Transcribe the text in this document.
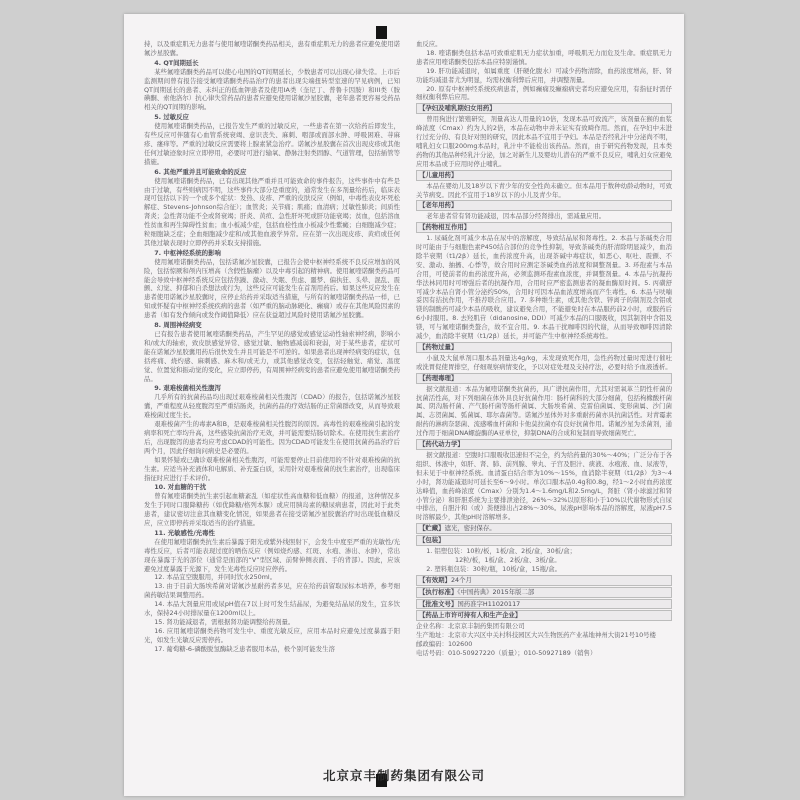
持，以及重症肌无力患者与使用氟喹诺酮类药品相关，患有重症肌无力的患者应避免使用诺氟沙星胶囊。

4. QT间期延长

某些氟喹诺酮类药品可以使心电图的QT间期延长，少数患者可以出现心律失常。上市后监测期间曾有报告接受氟喹诺酮类药品治疗的患者出现尖端扭转型室速的罕见病例，已知QT间期延长的患者、未纠正的低血钾患者及使用IA类（奎尼丁、普鲁卡因胺）和III类（胺碘酮、索他洛尔）抗心律失常药品的患者应避免使用诺氟沙星胶囊，老年患者更容易受药品相关的QT间期的影响。

5. 过敏反应

使用氟喹诺酮类药品，已报告发生严重的过敏反应，一些患者在第一次给药后即发生，有些反应可伴随有心血管系统衰竭、意识丧失、麻刺、咽部或面部水肿、呼吸困难、荨麻疹、瘙痒等。严重的过敏反应需要将上腺素紧急治疗。诺氟沙星胶囊在首次出现皮疹或其他任何过敏迹象时应立即停用，必要时可进行输氧、静脉注射类固醇、气道管理，包括插管等措施。

6. 其他严重并且可能致命的反应

使用氟喹诺酮类药品，已有出现其他严重并且可能致命的事件报告，这些事件中有些是由于过敏，有些则病因不明，这些事件大部分是重度的，通常发生在多剂量给药后，临床表现可包括以下的一个或多个症状：发热、皮疹、严重的皮肤反应（例如，中毒性表皮坏死松解症、Stevens-Johnson综合征）；血管炎；关节痛；肌痛；血清病；过敏性肺炎；间质性肾炎；急性肾功能不全或肾衰竭；肝炎、黄疸、急性肝坏死或肝功能衰竭；贫血，包括溶血性贫血和再生障碍性贫血；血小板减少症，包括血栓性血小板减少性紫癜；白细胞减少症；粒细胞缺乏症；全血细胞减少症和/或其他血液学异常。应在第一次出现皮疹、黄疸或任何其他过敏表现时立即停药并采取支持措施。

7. 中枢神经系统的影响

使用氟喹诺酮类药品，包括诺氟沙星胶囊，已报告会使中枢神经系统不良反应增加的风险，包括惊厥和颅内压增高（含假性脑瘤）以及中毒引起的精神病。使用氟喹诺酮类药品可能会导致中枢神经系统反应包括焦躁、激动、失眠、焦虑、噩梦、偏执狂、头晕、混乱、震颤、幻觉、抑郁和自杀想法或行为，这些反应可能发生在首剂用药后。如果这些反应发生在患者使用诺氟沙星胶囊时，应停止给药并采取适当措施，与所有的氟喹诺酮类药品一样，已知或怀疑有中枢神经系统疾病的患者（如严重的脑动脉硬化、癫痫）或存在其他风险因素的患者（如有发作倾向或发作阈值降低）应在获益超过风险时使用诺氟沙星胶囊。

8. 周围神经病变

已有报告患者使用氟喹诺酮类药品，产生罕见的感觉或感觉运动性轴索神经病，影响小和/或大的轴索，致皮肤感觉异常、感觉过敏、触物感减弱和衰弱，对于某些患者，症状可能在诺氟沙星胶囊用药后很快发生并且可能是不可逆的。如果患者出现神经病变的症状，包括疼痛、烧灼感、麻刺感、麻木和/或无力，或其他感觉改变，包括轻触觉、痛觉、温度觉、位置觉和振动觉的变化，应立即停药，有周围神经病变的患者应避免使用氟喹诺酮类药品。

9. 艰难梭菌相关性腹泻

几乎所有的抗菌药品均出现过艰难梭菌相关性腹泻（CDAD）的报告，包括诺氟沙星胶囊，严重程度从轻度腹泻至严重结肠炎，抗菌药品的疗效结肠的正常菌群改变，从而导致艰难梭菌过度生长。

艰难梭菌产生的毒素A和B，是艰难梭菌相关性腹泻的原因。高毒性的艰难梭菌引起的发病率和死亡率均升高，这些感染抗菌治疗无效，并可能需要结肠切除术。在使用抗生素治疗后，出现腹泻的患者均应考虑CDAD的可能性。因为CDAD可能发生在使用抗菌药品治疗后两个月，因此仔细询问病史是必要的。

如果怀疑或已确诊艰难梭菌相关性腹泻，可能需要停止目前使用的不针对艰难梭菌的抗生素。应适当补充液体和电解质、补充蛋白质，采用针对艰难梭菌的抗生素治疗，出现临床指征时应进行手术评价。

10. 对血糖的干扰

曾有氟喹诺酮类抗生素引起血糖紊乱（如症状性高血糖和低血糖）的报道，这种情况多发生于同时口服降糖药（如优降糖/格列本脲）或应用胰岛素的糖尿病患者，因此对于此类患者，建议密切注意其血糖变化情况，如果患者在接受诺氟沙星胶囊治疗时出现低血糖反应，应立即停药并采取适当的治疗措施。

11. 光敏感性/光毒性

在使用氟喹诺酮类抗生素后暴露于阳光或紫外线照射下，会发生中度至严重的光敏性/光毒性反应，后者可能表现过度的晒伤反应（例如烧灼感、红斑、水疱、渗出、水肿），常出现在暴露于光的部位（通常是面部的“V”型区域、前臂伸侧表面、手的背部）。因此，应该避免过度暴露于光源下，发生光毒性反应时应停药。

12. 本品宜空腹服用，并同时饮水250ml。

13. 由于目前大肠埃希菌对诺氟沙星耐药者多见，应在给药前留取尿标本培养，参考细菌药敏结果调整用药。

14. 本品大剂量应用或尿pH值在7以上时可发生结晶尿，为避免结晶尿的发生，宜多饮水，保持24小时排尿量在1200ml以上。

15. 肾功能减退者，需根据肾功能调整给药剂量。

16. 应用氟喹诺酮类药物可发生中、重度光敏反应，应用本品时应避免过度暴露于阳光，如发生光敏反应需停药。

17. 葡萄糖-6-磷酸脱氢酶缺乏患者服用本品，极个别可能发生溶

血反应。

18. 喹诺酮类包括本品可致重症肌无力症状加重，呼吸肌无力而危及生命。重症肌无力患者应用喹诺酮类包括本品应特别谨慎。

19. 肝功能减退时，如属重度（肝硬化腹水）可减少药物清除，血药浓度增高，肝、肾功能均减退者尤为明显，均需权衡利弊后应用，并调整剂量。

20. 原有中枢神经系统疾病患者，例如癫痫及癫痫病史者均应避免应用，有指征时需仔细权衡利弊后应用。

【孕妇及哺乳期妇女用药】

曾用狗进行繁殖研究，剂量高达人用量的10倍，发现本品可致流产，该剂量在猴的血浆峰浓度（Cmax）约为人的2倍，本品在动物中并未证实有致畸作用。然而，在孕妇中未进行过充分的、有良好对照的研究，因此本品不宜用于孕妇。本品是否经乳汁中分泌尚不明，哺乳妇女口服200mg本品时，乳汁中不能检出该药品。然而，由于研究药物发现，且本类药物的其他品种经乳汁分泌，加之对新生儿及婴幼儿潜在的严重不良反应，哺乳妇女应避免应用本品或于应用时停止哺乳。

【儿童用药】

本品在婴幼儿及18岁以下青少年的安全性尚未确立。但本品用于数种幼龄动物时，可致关节病变。因此不宜用于18岁以下的小儿及青少年。

【老年用药】

老年患者常有肾功能减退，因本品部分经肾排出，需减量应用。

【药物相互作用】

1. 尿碱化剂可减少本品在尿中的溶解度，导致结晶尿和肾毒性。2. 本品与茶碱类合用时可能由于与细胞色素P450结合部位的竞争性抑制，导致茶碱类的肝清除明显减少，血消除半衰期（t1/2β）延长，血药浓度升高，出现茶碱中毒症状，如恶心、呕吐、震颤、不安、激动、抽搐、心悸等，故合用时应测定茶碱类血药浓度和调整剂量。3. 环孢素与本品合用，可使前者的血药浓度升高，必须监测环孢素血浓度，并调整剂量。4. 本品与抗凝药华法林同用时可增强后者的抗凝作用，合用时应严密监测患者的凝血酶原时间。5. 丙磺舒可减少本品自肾小管分泌约50%，合用时可因本品血浓度增高而产生毒性。6. 本品与呋喃妥因有拮抗作用，不推荐联合应用。7. 多种维生素，或其他含铁、锌离子的制剂及含铝或镁的制酸药可减少本品的吸收，建议避免合用，不能避免时在本品服药前2小时，或服药后6小时服用。8. 去羟肌苷（didanosine, DDI）可减少本品的口服吸收，因其制剂中含铝及镁，可与氟喹诺酮类螯合，故不宜合用。9. 本品干扰咖啡因的代谢，从而导致咖啡因清除减少，血消除半衰期（t1/2β）延长，并可能产生中枢神经系统毒性。

【药物过量】

小鼠及大鼠单剂口服本品剂量达4g/kg，未发现致死作用，急性药物过量时需进行催吐或洗胃促使胃排空，仔细观察病情变化，予以对症处理及支持疗法，必要时给予血液透析。

【药理毒理】

据文献报道：本品为氟喹诺酮类抗菌药，具广谱抗菌作用，尤其对需氧革兰阴性杆菌的抗菌活性高，对下列细菌在体外具良好抗菌作用：肠杆菌科的大部分细菌，包括枸橼酸杆菌属、阴沟肠杆菌、产气肠杆菌等肠杆菌属、大肠埃希菌、克雷伯菌属、变形菌属、沙门菌属、志贺菌属、弧菌属、耶尔森菌等。诺氟沙星体外对多重耐药菌亦具抗菌活性。对青霉素耐药的淋病奈瑟菌、流感嗜血杆菌和卡他莫拉菌亦有良好抗菌作用。诺氟沙星为杀菌剂，通过作用于细菌DNA螺旋酶的A亚单位，抑制DNA的合成和复制而导致细菌死亡。

【药代动力学】

据文献报道：空腹时口服吸收迅速但不完全，约为给药量的30%～40%；广泛分布于各组织、体液中，如肝、肾、肺、前列腺、睾丸、子宫及胆汁、痰液、水疱液、血、尿液等，但未见于中枢神经系统。血清蛋白结合率为10%～15%，血消除半衰期（t1/2β）为3～4小时，肾功能减退时可延长至6～9小时。单次口服本品0.4g和0.8g，经1～2小时血药浓度达峰值，血药峰浓度（Cmax）分别为1.4～1.6mg/L和2.5mg/L，肾脏（肾小球滤过和肾小管分泌）和肝胆系统为主要排泄途径，26%～32%以原形和小于10%以代谢物形式自尿中排出，自胆汁和（或）粪便排出占28%～30%。尿液pH影响本品的溶解度，尿液pH7.5时溶解最少，其他pH时溶解增多。

【贮藏】遮光，密封保存。
【包装】

1. 铝塑包装：10粒/板，1板/盒、2板/盒，30板/盒；

12粒/板，1板/盒、2板/盒、3板/盒。

2. 塑料瓶包装：30粒/瓶，10板/盒，15瓶/盒。

【有效期】24个月
【执行标准】《中国药典》2015年版二部
【批准文号】国药准字H11020117
【药品上市许可持有人和生产企业】

企业名称：北京京丰制药集团有限公司

生产地址：北京市大兴区中关村科技园区大兴生物医药产业基地神州大街21号10号楼

邮政编码：102600

电话号码：010-50927220（质量）；010-50927189（销售）

北京京丰制药集团有限公司
